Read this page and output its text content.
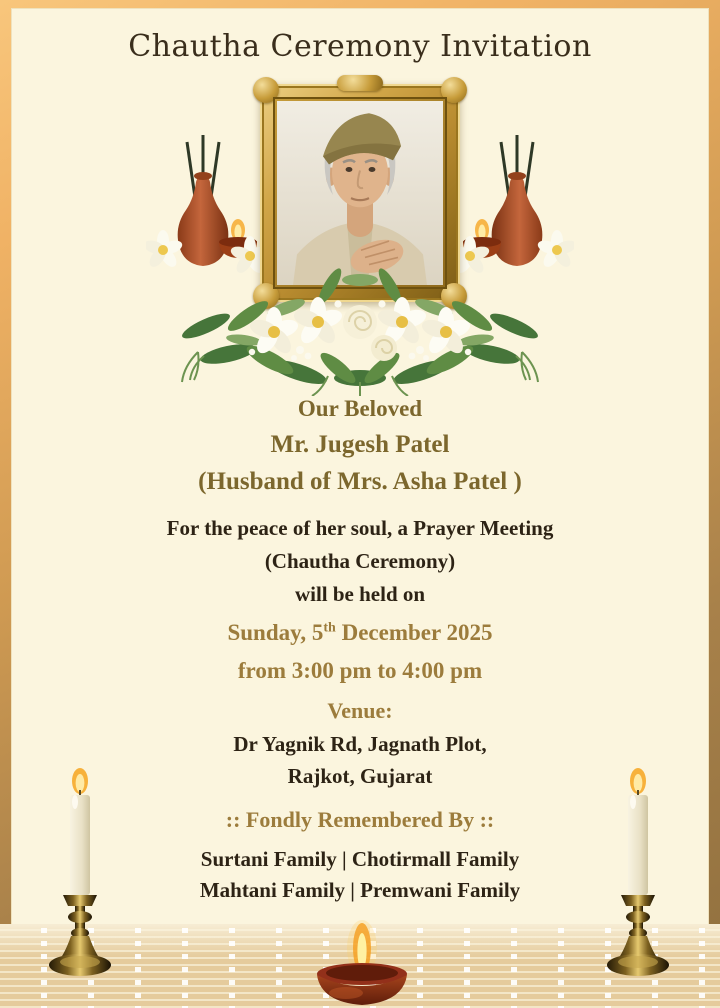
Chautha Ceremony Invitation
Our Beloved
Mr. Jugesh Patel
(Husband of Mrs. Asha Patel )
For the peace of her soul, a Prayer Meeting
(Chautha Ceremony)
will be held on
Sunday, 5th December 2025
from 3:00 pm to 4:00 pm
Venue:
Dr Yagnik Rd, Jagnath Plot,
Rajkot, Gujarat
:: Fondly Remembered By ::
Surtani Family | Chotirmall Family
Mahtani Family | Premwani Family
